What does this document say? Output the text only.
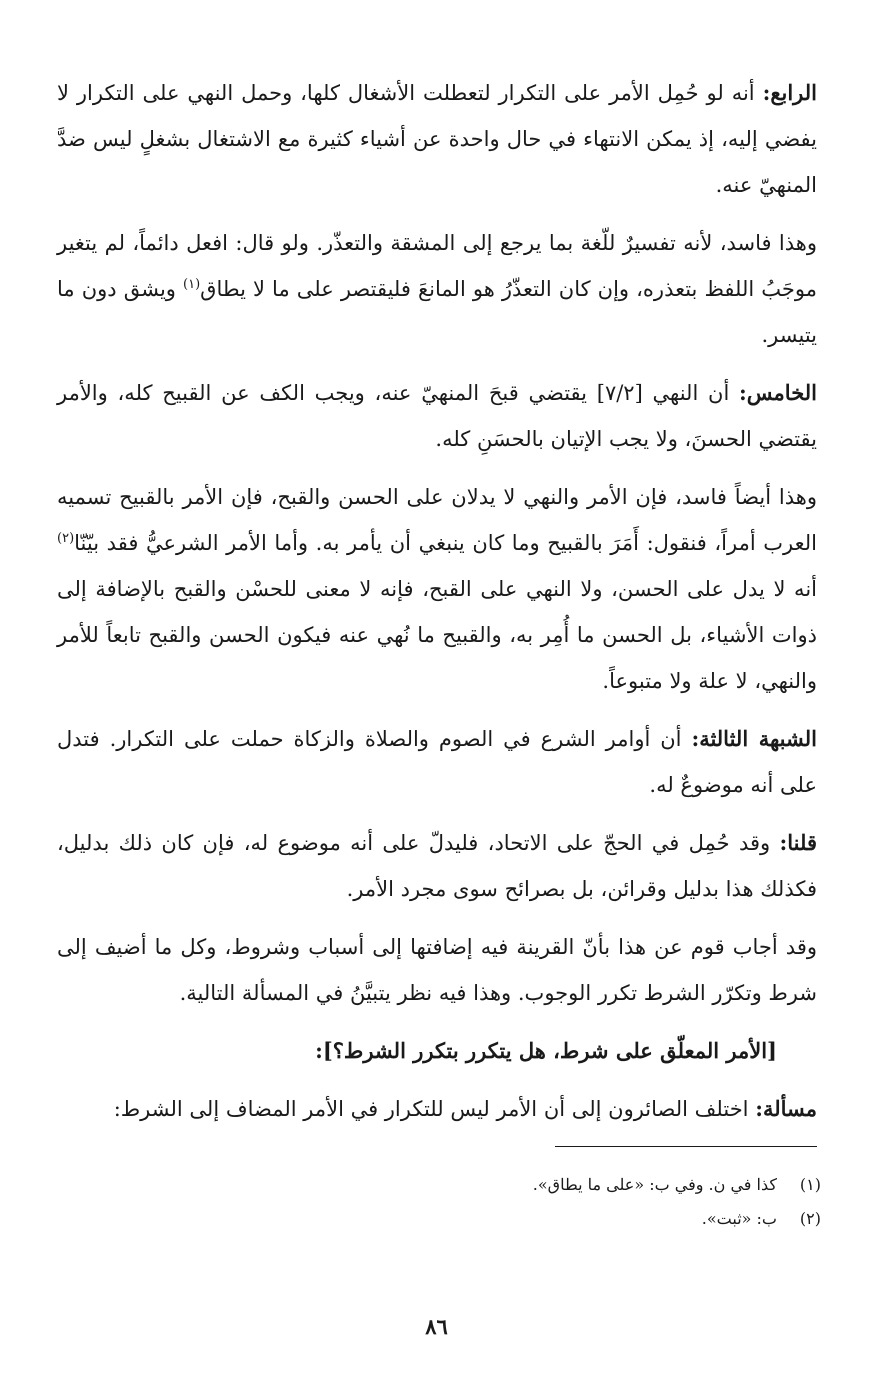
الرابع: أنه لو حُمِل الأمر على التكرار لتعطلت الأشغال كلها، وحمل النهي على التكرار لا يفضي إليه، إذ يمكن الانتهاء في حال واحدة عن أشياء كثيرة مع الاشتغال بشغلٍ ليس ضدَّ المنهيّ عنه.

وهذا فاسد، لأنه تفسيرٌ للّغة بما يرجع إلى المشقة والتعذّر. ولو قال: افعل دائماً، لم يتغير موجَبُ اللفظ بتعذره، وإن كان التعذّرُ هو المانعَ فليقتصر على ما لا يطاق$^{(١)}$ ويشق دون ما يتيسر.

الخامس: أن النهي [٧/٢] يقتضي قبحَ المنهيّ عنه، ويجب الكف عن القبيح كله، والأمر يقتضي الحسنَ، ولا يجب الإتيان بالحسَنِ كله.

وهذا أيضاً فاسد، فإن الأمر والنهي لا يدلان على الحسن والقبح، فإن الأمر بالقبيح تسميه العرب أمراً، فنقول: أَمَرَ بالقبيح وما كان ينبغي أن يأمر به. وأما الأمر الشرعيُّ فقد بيّنّا$^{(٢)}$ أنه لا يدل على الحسن، ولا النهي على القبح، فإنه لا معنى للحسْن والقبح بالإضافة إلى ذوات الأشياء، بل الحسن ما أُمِر به، والقبيح ما نُهي عنه فيكون الحسن والقبح تابعاً للأمر والنهي، لا علة ولا متبوعاً.

الشبهة الثالثة: أن أوامر الشرع في الصوم والصلاة والزكاة حملت على التكرار. فتدل على أنه موضوعٌ له.

قلنا: وقد حُمِل في الحجّ على الاتحاد، فليدلّ على أنه موضوع له، فإن كان ذلك بدليل، فكذلك هذا بدليل وقرائن، بل بصرائح سوى مجرد الأمر.

وقد أجاب قوم عن هذا بأنّ القرينة فيه إضافتها إلى أسباب وشروط، وكل ما أضيف إلى شرط وتكرّر الشرط تكرر الوجوب. وهذا فيه نظر يتبيَّنُ في المسألة التالية.

[الأمر المعلّق على شرط، هل يتكرر بتكرر الشرط؟]:

مسألة: اختلف الصائرون إلى أن الأمر ليس للتكرار في الأمر المضاف إلى الشرط:

(١)
كذا في ن. وفي ب: «على ما يطاق».
(٢)
ب: «ثبت».
٨٦
